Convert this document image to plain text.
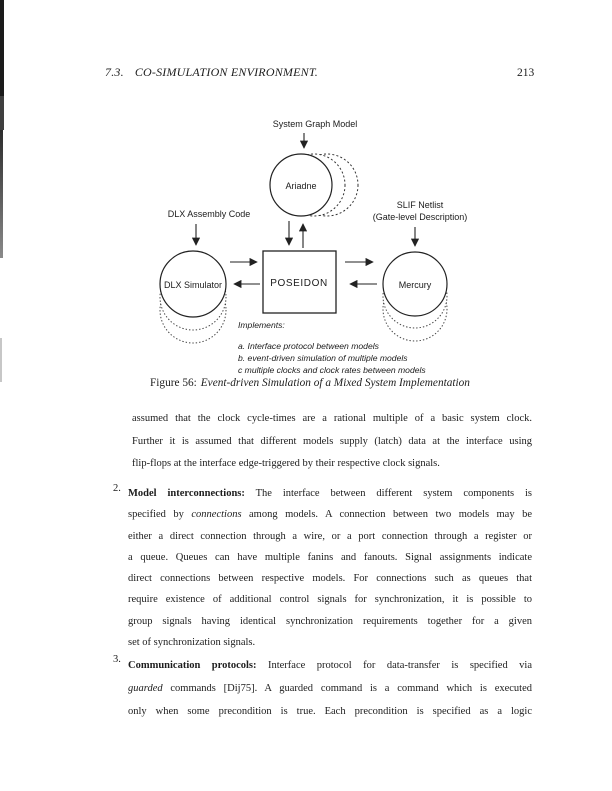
7.3. CO-SIMULATION ENVIRONMENT.	213
System Graph Model
Ariadne
DLX Assembly Code
SLIF Netlist
(Gate-level Description)
DLX Simulator	Mercury
POSEIDON
Implements:
a. Interface protocol between models
b. event-driven simulation of multiple models
c multiple clocks and clock rates between models
Figure 56: Event-driven Simulation of a Mixed System Implementation
assumed that the clock cycle-times are a rational multiple of a basic system clock.
Further it is assumed that different models supply (latch) data at the interface using
flip-flops at the interface edge-triggered by their respective clock signals.
2. Model interconnections: The interface between different system components is
specified by connections among models. A connection between two models may be
either a direct connection through a wire, or a port connection through a register or
a queue. Queues can have multiple fanins and fanouts. Signal assignments indicate
direct connections between respective models. For connections such as queues that
require existence of additional control signals for synchronization, it is possible to
group signals having identical synchronization requirements together for a given
set of synchronization signals.
3.
Communication protocols: Interface protocol for data-transfer is specified via
guarded commands [Dij75]. A guarded command is a command which is executed
only when some precondition is true. Each precondition is specified as a logic
